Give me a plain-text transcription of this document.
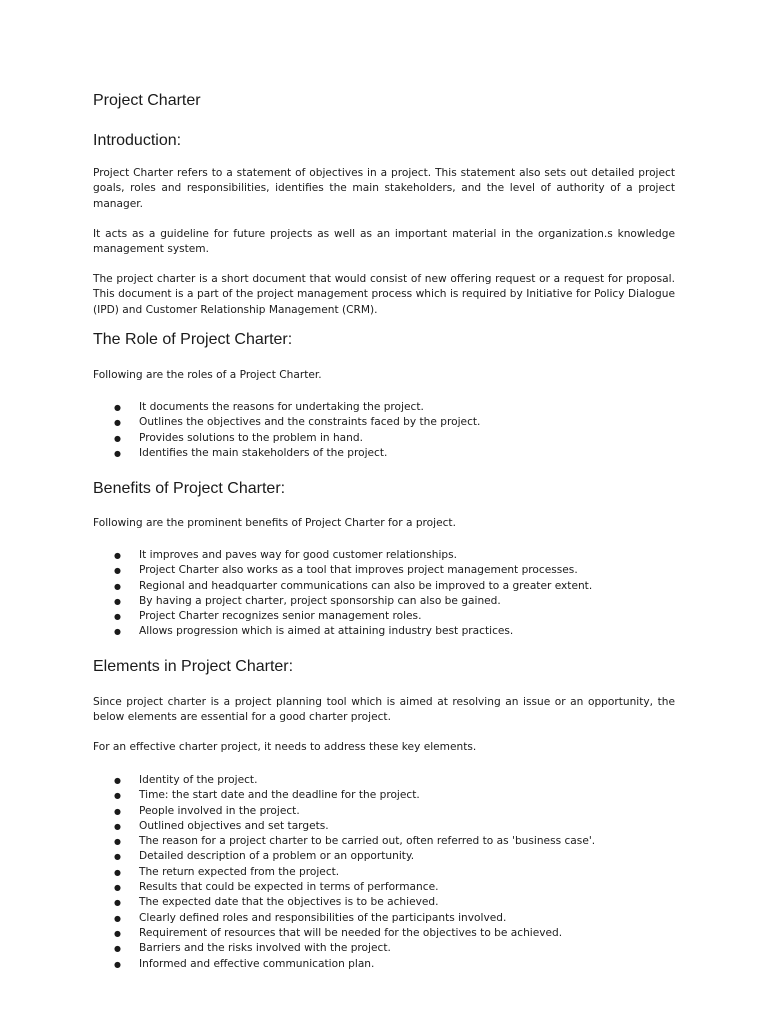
Project Charter
Introduction:

Project Charter refers to a statement of objectives in a project. This statement also sets out detailed project goals, roles and responsibilities, identifies the main stakeholders, and the level of authority of a project manager.

It acts as a guideline for future projects as well as an important material in the organization.s knowledge management system.

The project charter is a short document that would consist of new offering request or a request for proposal. This document is a part of the project management process which is required by Initiative for Policy Dialogue (IPD) and Customer Relationship Management (CRM).

The Role of Project Charter:

Following are the roles of a Project Charter.

● It documents the reasons for undertaking the project.
● Outlines the objectives and the constraints faced by the project.
● Provides solutions to the problem in hand.
● Identifies the main stakeholders of the project.
Benefits of Project Charter:

Following are the prominent benefits of Project Charter for a project.

● It improves and paves way for good customer relationships.
● Project Charter also works as a tool that improves project management processes.
● Regional and headquarter communications can also be improved to a greater extent.
● By having a project charter, project sponsorship can also be gained.
● Project Charter recognizes senior management roles.
● Allows progression which is aimed at attaining industry best practices.
Elements in Project Charter:

Since project charter is a project planning tool which is aimed at resolving an issue or an opportunity, the below elements are essential for a good charter project.

For an effective charter project, it needs to address these key elements.

● Identity of the project.
● Time: the start date and the deadline for the project.
● People involved in the project.
● Outlined objectives and set targets.
● The reason for a project charter to be carried out, often referred to as 'business case'.
● Detailed description of a problem or an opportunity.
● The return expected from the project.
● Results that could be expected in terms of performance.
● The expected date that the objectives is to be achieved.
● Clearly defined roles and responsibilities of the participants involved.
● Requirement of resources that will be needed for the objectives to be achieved.
● Barriers and the risks involved with the project.
● Informed and effective communication plan.
